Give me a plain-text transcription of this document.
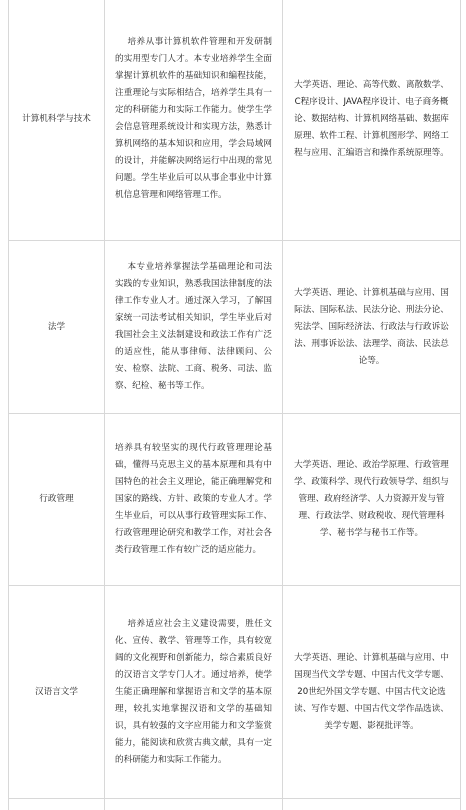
计算机科学与技术	培养从事计算机软件管理和开发研制的实用型专门人才。本专业培养学生全面掌握计算机软件的基础知识和编程技能，注重理论与实际相结合，培养学生具有一定的科研能力和实际工作能力。使学生学会信息管理系统设计和实现方法，熟悉计算机网络的基本知识和应用，学会局域网的设计，并能解决网络运行中出现的常见问题。学生毕业后可以从事企事业中计算机信息管理和网络管理工作。	大学英语、理论、高等代数、离散数学、C程序设计、JAVA程序设计、电子商务概论、数据结构、计算机网络基础、数据库原理、软件工程、计算机图形学、网络工程与应用、汇编语言和操作系统原理等。
法学	本专业培养掌握法学基础理论和司法实践的专业知识，熟悉我国法律制度的法律工作专业人才。通过深入学习，了解国家统一司法考试相关知识，学生毕业后对我国社会主义法制建设和政法工作有广泛的适应性，能从事律师、法律顾问、公安、检察、法院、工商、税务、司法、监察、纪检、秘书等工作。	大学英语、理论、计算机基础与应用、国际法、国际私法、民法分论、刑法分论、宪法学、国际经济法、行政法与行政诉讼法、刑事诉讼法、法理学、商法、民法总论等。
行政管理	培养具有较坚实的现代行政管理理论基础，懂得马克思主义的基本原理和具有中国特色的社会主义理论，能正确理解党和国家的路线、方针、政策的专业人才。学生毕业后，可以从事行政管理实际工作、行政管理理论研究和教学工作，对社会各类行政管理工作有较广泛的适应能力。	大学英语、理论、政治学原理、行政管理学、政策科学、现代行政领导学、组织与管理、政府经济学、人力资源开发与管理、行政法学、财政税收、现代管理科学、秘书学与秘书工作等。
汉语言文学	培养适应社会主义建设需要，胜任文化、宣传、教学、管理等工作，具有较宽阔的文化视野和创新能力，综合素质良好的汉语言文学专门人才。通过培养，使学生能正确理解和掌握语言和文学的基本原理，较扎实地掌握汉语和文学的基础知识，具有较强的文字应用能力和文学鉴赏能力，能阅读和欣赏古典文献，具有一定的科研能力和实际工作能力。	大学英语、理论、计算机基础与应用、中国现当代文学专题、中国古代文学专题、20世纪外国文学专题、中国古代文论选读、写作专题、中国古代文学作品选读、美学专题、影视批评等。
